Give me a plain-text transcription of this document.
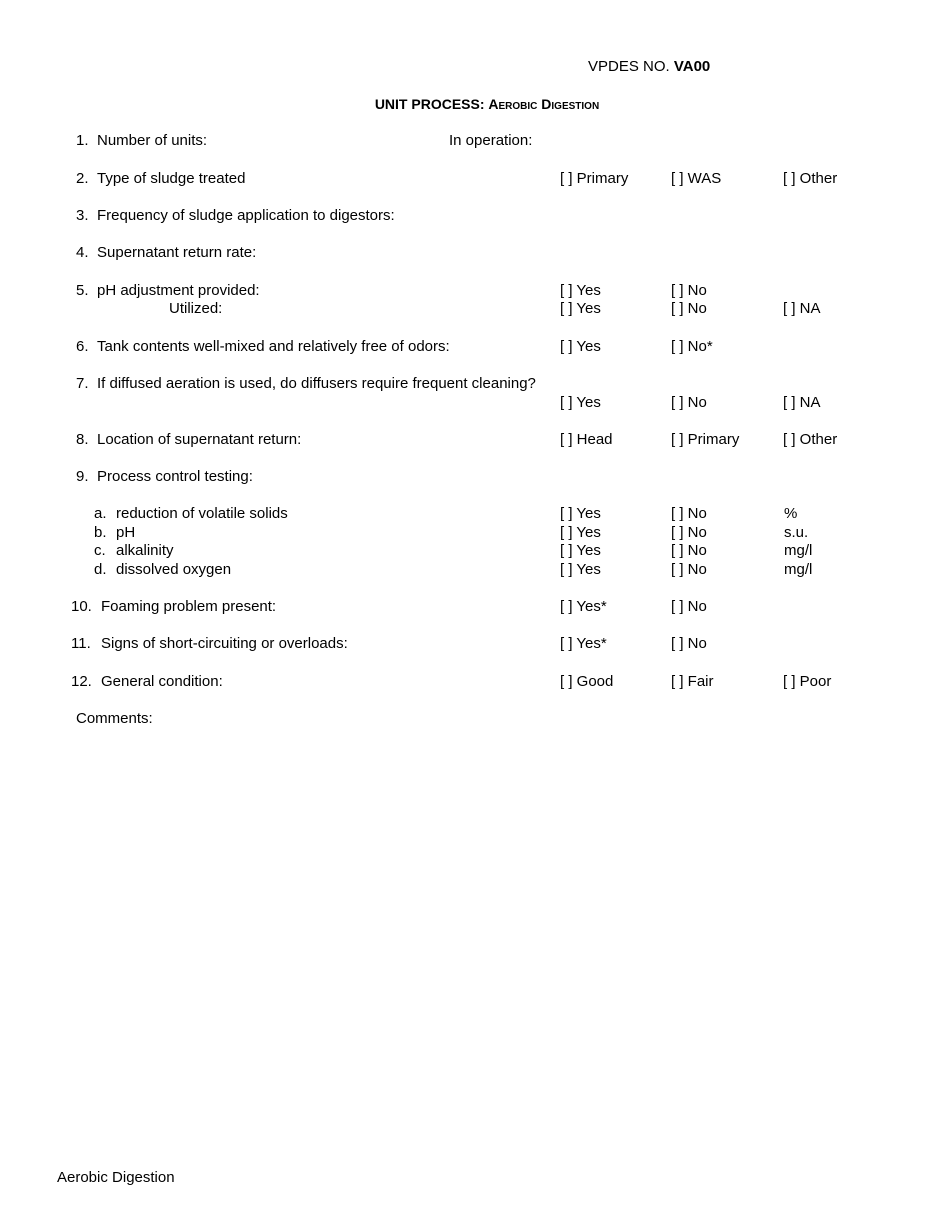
VPDES NO. VA00
UNIT PROCESS: Aerobic Digestion
1. Number of units:	In operation:
2. Type of sludge treated	[ ] Primary	[ ] WAS	[ ] Other
3. Frequency of sludge application to digestors:
4. Supernatant return rate:
5. pH adjustment provided:	[ ] Yes	[ ] No
Utilized:	[ ] Yes	[ ] No	[ ] NA
6. Tank contents well-mixed and relatively free of odors:	[ ] Yes	[ ] No*
7. If diffused aeration is used, do diffusers require frequent cleaning?
[ ] Yes	[ ] No	[ ] NA
8. Location of supernatant return:	[ ] Head	[ ] Primary	[ ] Other
9. Process control testing:
a. reduction of volatile solids	[ ] Yes	[ ] No	%
b. pH	[ ] Yes	[ ] No	s.u.
c. alkalinity	[ ] Yes	[ ] No	mg/l
d. dissolved oxygen	[ ] Yes	[ ] No	mg/l
10. Foaming problem present:	[ ] Yes*	[ ] No
11. Signs of short-circuiting or overloads:	[ ] Yes*	[ ] No
12. General condition:	[ ] Good	[ ] Fair	[ ] Poor
Comments:
Aerobic Digestion
